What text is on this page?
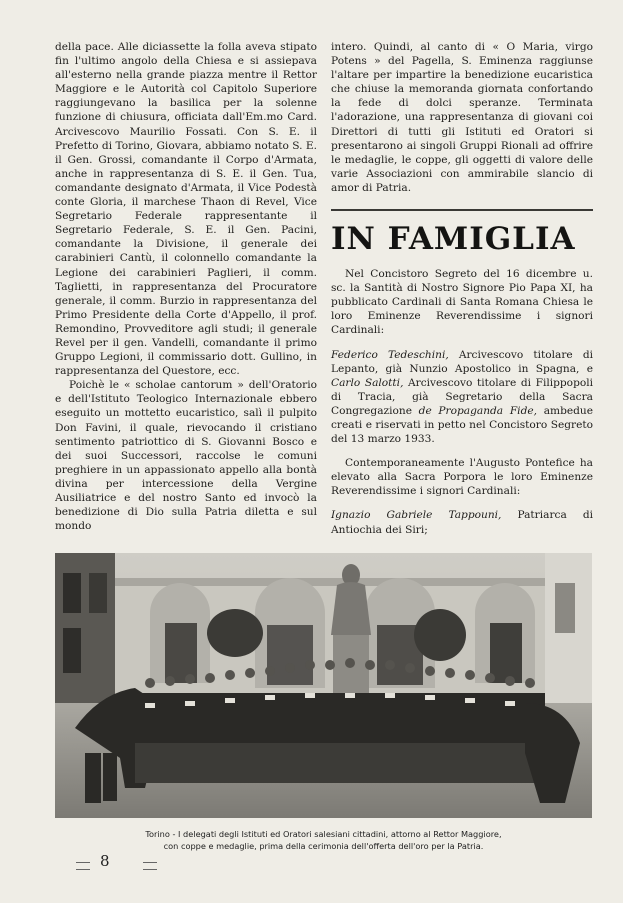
della pace. Alle diciassette la folla aveva stipato fin l'ultimo angolo della Chiesa e si assiepava all'esterno nella grande piazza mentre il Rettor Maggiore e le Autorità col Capitolo Superiore raggiungevano la basilica per la solenne funzione di chiusura, officiata dall'Em.mo Card. Arcivescovo Maurilio Fossati. Con S. E. il Prefetto di Torino, Giovara, abbiamo notato S. E. il Gen. Grossi, comandante il Corpo d'Armata, anche in rappresentanza di S. E. il Gen. Tua, comandante designato d'Armata, il Vice Podestà conte Gloria, il marchese Thaon di Revel, Vice Segretario Federale rappresentante il Segretario Federale, S. E. il Gen. Pacini, comandante la Divisione, il generale dei carabinieri Cantù, il colonnello comandante la Legione dei carabinieri Paglieri, il comm. Taglietti, in rappresentanza del Procuratore generale, il comm. Burzio in rappresentanza del Primo Presidente della Corte d'Appello, il prof. Remondino, Provveditore agli studi; il generale Revel per il gen. Vandelli, comandante il primo Gruppo Legioni, il commissario dott. Gullino, in rappresentanza del Questore, ecc.

Poichè le « scholae cantorum » dell'Oratorio e dell'Istituto Teologico Internazionale ebbero eseguito un mottetto eucaristico, salì il pulpito Don Favini, il quale, rievocando il cristiano sentimento patriottico di S. Giovanni Bosco e dei suoi Successori, raccolse le comuni preghiere in un appassionato appello alla bontà divina per intercessione della Vergine Ausiliatrice e del nostro Santo ed invocò la benedizione di Dio sulla Patria diletta e sul mondo

intero. Quindi, al canto di « O Maria, virgo Potens » del Pagella, S. Eminenza raggiunse l'altare per impartire la benedizione eucaristica che chiuse la memoranda giornata confortando la fede di dolci speranze. Terminata l'adorazione, una rappresentanza di giovani coi Direttori di tutti gli Istituti ed Oratori si presentarono ai singoli Gruppi Rionali ad offrire le medaglie, le coppe, gli oggetti di valore delle varie Associazioni con ammirabile slancio di amor di Patria.

IN FAMIGLIA

Nel Concistoro Segreto del 16 dicembre u. sc. la Santità di Nostro Signore Pio Papa XI, ha pubblicato Cardinali di Santa Romana Chiesa le loro Eminenze Reverendissime i signori Cardinali:

Federico Tedeschini, Arcivescovo titolare di Lepanto, già Nunzio Apostolico in Spagna, e Carlo Salotti, Arcivescovo titolare di Filippopoli di Tracia, già Segretario della Sacra Congregazione de Propaganda Fide, ambedue creati e riservati in petto nel Concistoro Segreto del 13 marzo 1933.

Contemporaneamente l'Augusto Pontefice ha elevato alla Sacra Porpora le loro Eminenze Reverendissime i signori Cardinali:

Ignazio Gabriele Tappouni, Patriarca di Antiochia dei Siri;

Torino - I delegati degli Istituti ed Oratori salesiani cittadini, attorno al Rettor Maggiore,
con coppe e medaglie, prima della cerimonia dell'offerta dell'oro per la Patria.
8
